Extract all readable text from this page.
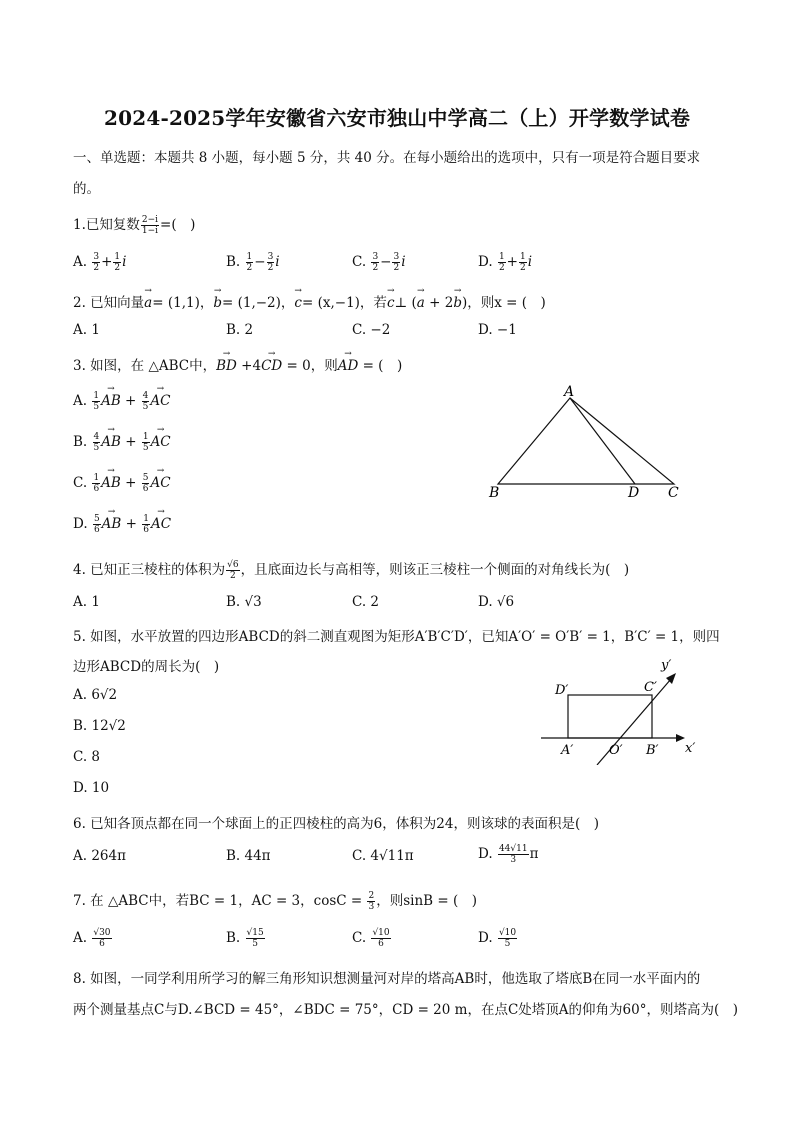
2024-2025学年安徽省六安市独山中学高二（上）开学数学试卷
一、单选题：本题共 8 小题，每小题 5 分，共 40 分。在每小题给出的选项中，只有一项是符合题目要求
的。
1.已知复数 $\frac{2-i}{1-i}$ =(　)
A. $\frac{3}{2} + \frac{1}{2}$ i	B. $\frac{1}{2} - \frac{3}{2}$ i	C. $\frac{3}{2} - \frac{3}{2}$ i	D. $\frac{1}{2} + \frac{1}{2}$ i
2. 已知向量→ a= (1,1)，→ b= (1,−2)，→ c= (x,−1)，若→ c⊥ (→ a + 2→ b)，则x = (　)
A. 1	B. 2	C. −2	D. −1
3. 如图，在 △ABC中，→ BD +4→ CD = 0，则→ AD = (　)
A. $\frac{1}{5}$ → AB + $\frac{4}{5}$ → AC
B. $\frac{4}{5}$ → AB + $\frac{1}{5}$ → AC
C. $\frac{1}{6}$ → AB + $\frac{5}{6}$ → AC
D. $\frac{5}{6}$ → AB + $\frac{1}{6}$ → AC
A
B	D C
4. 已知正三棱柱的体积为 $\frac{√6}{2}$ ，且底面边长与高相等，则该正三棱柱一个侧面的对角线长为(　)
A. 1	B. √3	C. 2	D. √6
5. 如图，水平放置的四边形ABCD的斜二测直观图为矩形A′B′C′D′，已知A′O′ = O′B′ = 1，B′C′ = 1，则四
边形ABCD的周长为(　)
A. 6√2
B. 12√2
C. 8
D. 10
D′	C′
A′	O′ B′ x′
y′
6. 已知各顶点都在同一个球面上的正四棱柱的高为6，体积为24，则该球的表面积是(　)
A. 264π	B. 44π	C. 4√11π	D. $\frac{44√11}{3}$ π
7. 在 △ABC中，若BC = 1，AC = 3，$\cos C = \frac{2}{3}$ ，则sinB = (　)
A. $\frac{√30}{6}$	B. $\frac{√15}{5}$	C. $\frac{√10}{6}$	D. $\frac{√10}{5}$
8. 如图，一同学利用所学习的解三角形知识想测量河对岸的塔高AB时，他选取了塔底B在同一水平面内的
两个测量基点C与D.∠BCD = 45°，∠BDC = 75°，CD = 20 m，在点C处塔顶A的仰角为60°，则塔高为(　)
